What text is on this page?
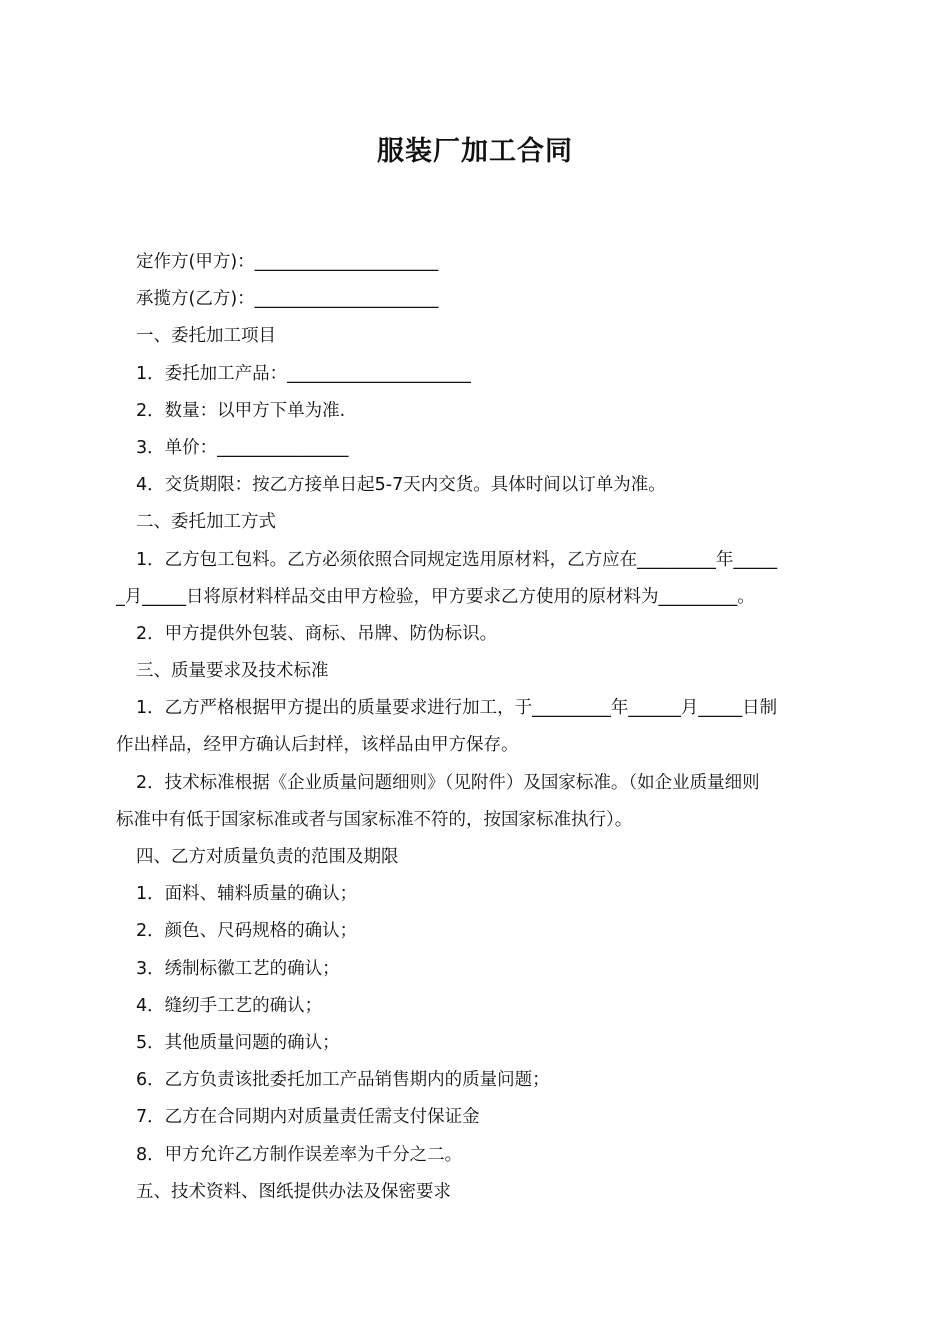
服装厂加工合同
定作方(甲方)：_____________________
承揽方(乙方)：_____________________
一、委托加工项目
1．委托加工产品：_____________________
2．数量：以甲方下单为准.
3．单价：_______________
4．交货期限：按乙方接单日起5-7天内交货。具体时间以订单为准。
二、委托加工方式
1．乙方包工包料。乙方必须依照合同规定选用原材料，乙方应在_________年_____
_月_____日将原材料样品交由甲方检验，甲方要求乙方使用的原材料为_________。
2．甲方提供外包装、商标、吊牌、防伪标识。
三、质量要求及技术标准
1．乙方严格根据甲方提出的质量要求进行加工，于_________年______月_____日制
作出样品，经甲方确认后封样，该样品由甲方保存。
2．技术标准根据《企业质量问题细则》（见附件）及国家标准。（如企业质量细则
标准中有低于国家标准或者与国家标准不符的，按国家标准执行）。
四、乙方对质量负责的范围及期限
1．面料、辅料质量的确认；
2．颜色、尺码规格的确认；
3．绣制标徽工艺的确认；
4．缝纫手工艺的确认；
5．其他质量问题的确认；
6．乙方负责该批委托加工产品销售期内的质量问题；
7．乙方在合同期内对质量责任需支付保证金
8．甲方允许乙方制作误差率为千分之二。
五、技术资料、图纸提供办法及保密要求
